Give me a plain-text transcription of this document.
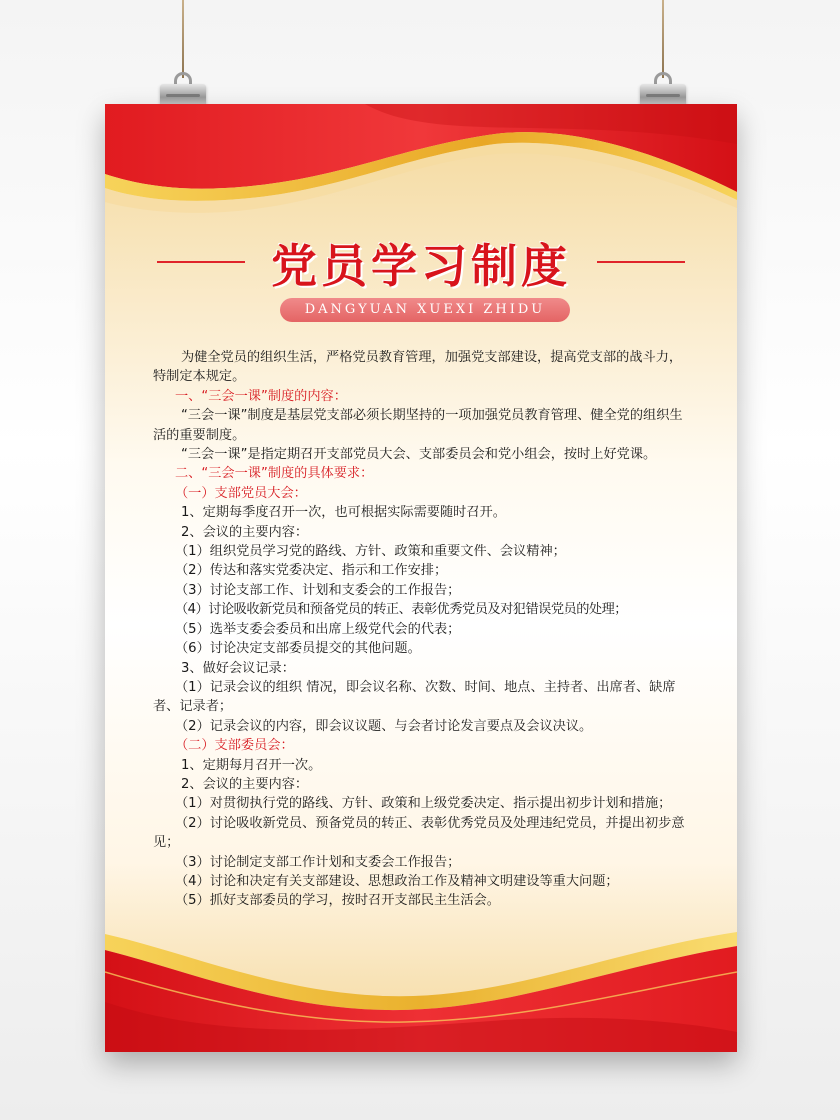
党员学习制度
DANGYUAN XUEXI ZHIDU

为健全党员的组织生活，严格党员教育管理，加强党支部建设，提高党支部的战斗力，特制定本规定。

一、“三会一课”制度的内容：

“三会一课”制度是基层党支部必须长期坚持的一项加强党员教育管理、健全党的组织生活的重要制度。

“三会一课”是指定期召开支部党员大会、支部委员会和党小组会，按时上好党课。

二、“三会一课”制度的具体要求：

（一）支部党员大会：

1、定期每季度召开一次，也可根据实际需要随时召开。

2、会议的主要内容：

（1）组织党员学习党的路线、方针、政策和重要文件、会议精神；

（2）传达和落实党委决定、指示和工作安排；

（3）讨论支部工作、计划和支委会的工作报告；

（4）讨论吸收新党员和预备党员的转正、表彰优秀党员及对犯错误党员的处理；

（5）选举支委会委员和出席上级党代会的代表；

（6）讨论决定支部委员提交的其他问题。

3、做好会议记录：

（1）记录会议的组织 情况，即会议名称、次数、时间、地点、主持者、出席者、缺席者、记录者；

（2）记录会议的内容，即会议议题、与会者讨论发言要点及会议决议。

（二）支部委员会：

1、定期每月召开一次。

2、会议的主要内容：

（1）对贯彻执行党的路线、方针、政策和上级党委决定、指示提出初步计划和措施；

（2）讨论吸收新党员、预备党员的转正、表彰优秀党员及处理违纪党员，并提出初步意见；

（3）讨论制定支部工作计划和支委会工作报告；

（4）讨论和决定有关支部建设、思想政治工作及精神文明建设等重大问题；

（5）抓好支部委员的学习，按时召开支部民主生活会。
